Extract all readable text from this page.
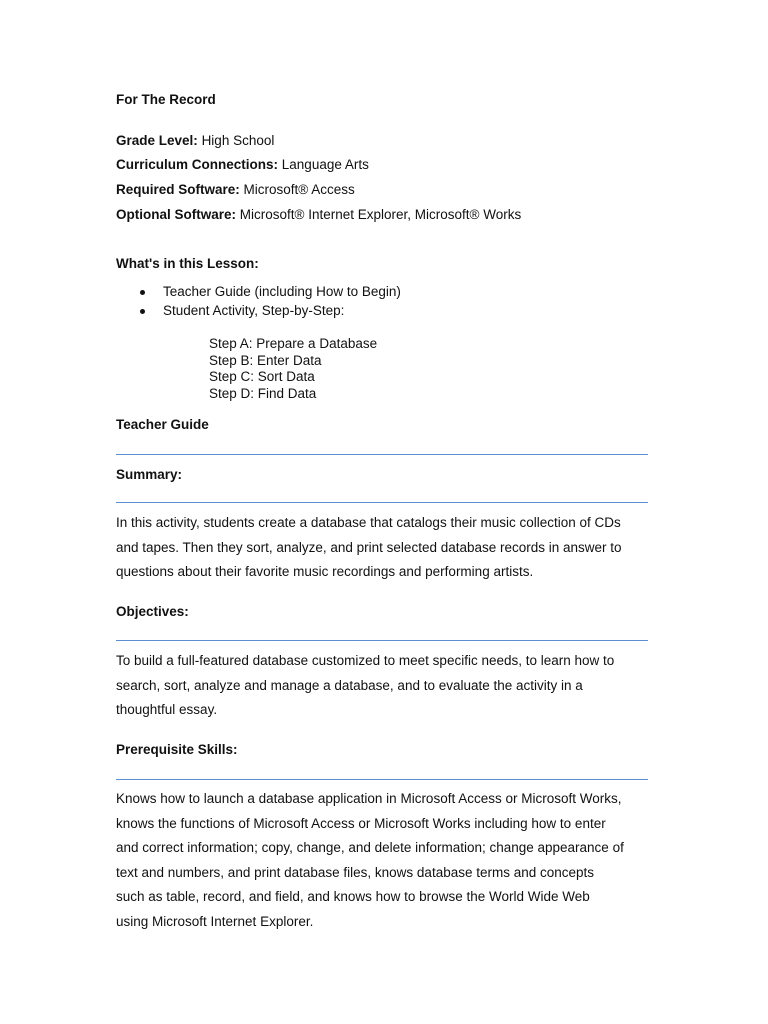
For The Record
Grade Level: High School
Curriculum Connections: Language Arts
Required Software: Microsoft® Access
Optional Software: Microsoft® Internet Explorer, Microsoft® Works
What's in this Lesson:
Teacher Guide (including How to Begin)
Student Activity, Step-by-Step:
Step A: Prepare a Database
Step B: Enter Data
Step C: Sort Data
Step D: Find Data
Teacher Guide
Summary:
In this activity, students create a database that catalogs their music collection of CDs
and tapes. Then they sort, analyze, and print selected database records in answer to
questions about their favorite music recordings and performing artists.
Objectives:
To build a full-featured database customized to meet specific needs, to learn how to
search, sort, analyze and manage a database, and to evaluate the activity in a
thoughtful essay.
Prerequisite Skills:
Knows how to launch a database application in Microsoft Access or Microsoft Works,
knows the functions of Microsoft Access or Microsoft Works including how to enter
and correct information; copy, change, and delete information; change appearance of
text and numbers, and print database files, knows database terms and concepts
such as table, record, and field, and knows how to browse the World Wide Web
using Microsoft Internet Explorer.
